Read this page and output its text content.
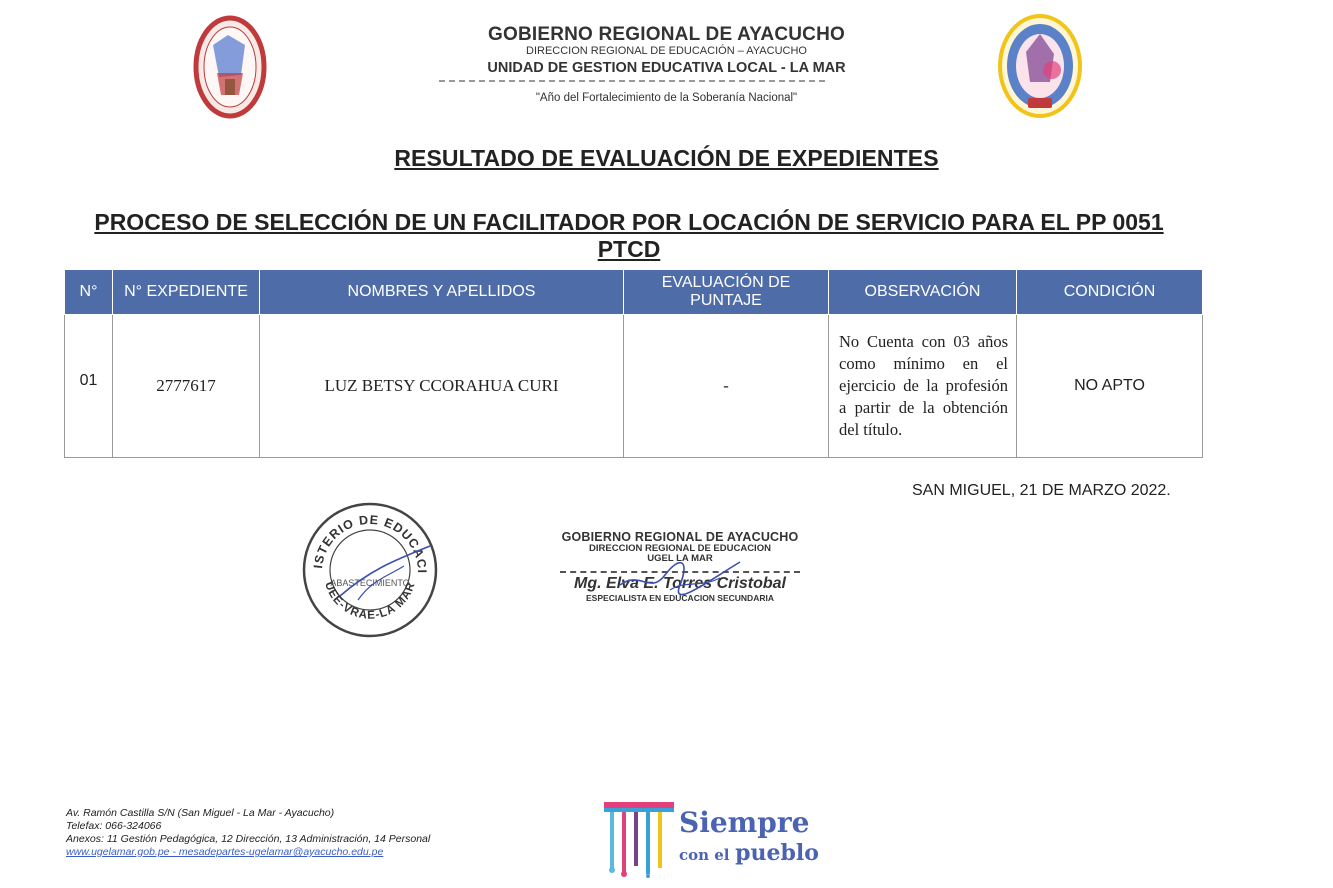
GOBIERNO REGIONAL DE AYACUCHO
DIRECCION REGIONAL DE EDUCACIÓN – AYACUCHO
UNIDAD DE GESTION EDUCATIVA LOCAL - LA MAR
"Año del Fortalecimiento de la Soberanía Nacional"
RESULTADO DE EVALUACIÓN DE EXPEDIENTES
PROCESO DE SELECCIÓN DE UN FACILITADOR POR LOCACIÓN DE SERVICIO PARA EL PP 0051 PTCD
N°	N° EXPEDIENTE	NOMBRES Y APELLIDOS	EVALUACIÓN DE PUNTAJE	OBSERVACIÓN	CONDICIÓN
01	2777617	LUZ BETSY CCORAHUA CURI	-	No Cuenta con 03 años como mínimo en el ejercicio de la profesión a partir de la obtención del título.	NO APTO
SAN MIGUEL, 21 DE MARZO 2022.
ISTERIO DE EDUCACI
UEE-VRAE-LA MAR
ABASTECIMIENTO
GOBIERNO REGIONAL DE AYACUCHO
DIRECCION REGIONAL DE EDUCACION
UGEL LA MAR
Mg. Elva E. Torres Cristobal
ESPECIALISTA EN EDUCACION SECUNDARIA
Av. Ramón Castilla S/N (San Miguel - La Mar - Ayacucho)
Telefax: 066-324066
Anexos: 11 Gestión Pedagógica, 12 Dirección, 13 Administración, 14 Personal
www.ugelamar.gob.pe - mesadepartes-ugelamar@ayacucho.edu.pe
Siempre
con el pueblo
